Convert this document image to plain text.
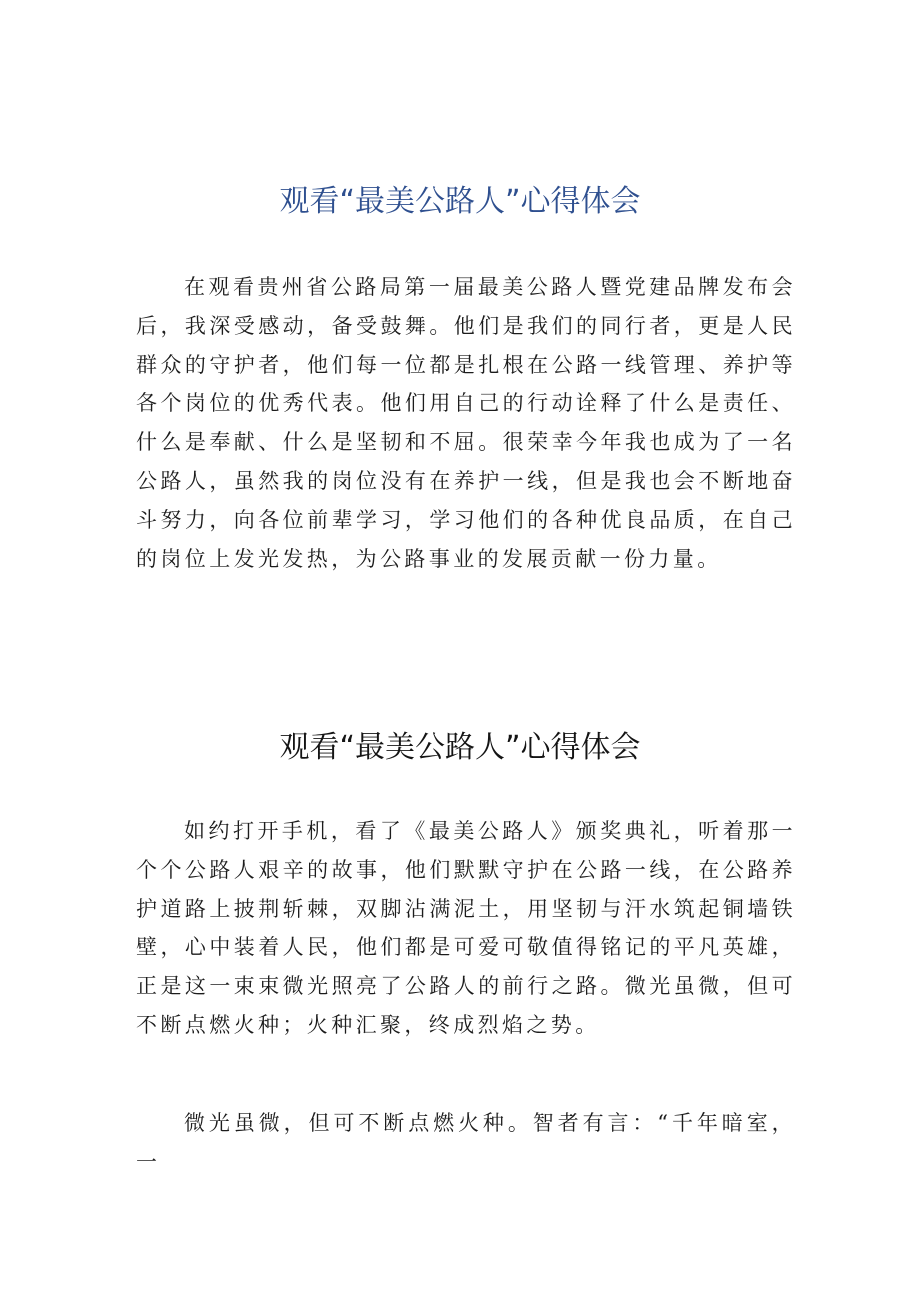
观看“最美公路人”心得体会

在观看贵州省公路局第一届最美公路人暨党建品牌发布会后，我深受感动，备受鼓舞。他们是我们的同行者，更是人民群众的守护者，他们每一位都是扎根在公路一线管理、养护等各个岗位的优秀代表。他们用自己的行动诠释了什么是责任、什么是奉献、什么是坚韧和不屈。很荣幸今年我也成为了一名公路人，虽然我的岗位没有在养护一线，但是我也会不断地奋斗努力，向各位前辈学习，学习他们的各种优良品质，在自己的岗位上发光发热，为公路事业的发展贡献一份力量。

观看“最美公路人”心得体会

如约打开手机，看了《最美公路人》颁奖典礼，听着那一个个公路人艰辛的故事，他们默默守护在公路一线，在公路养护道路上披荆斩棘，双脚沾满泥土，用坚韧与汗水筑起铜墙铁壁，心中装着人民，他们都是可爱可敬值得铭记的平凡英雄，正是这一束束微光照亮了公路人的前行之路。微光虽微，但可不断点燃火种；火种汇聚，终成烈焰之势。

微光虽微，但可不断点燃火种。智者有言：“千年暗室，一
